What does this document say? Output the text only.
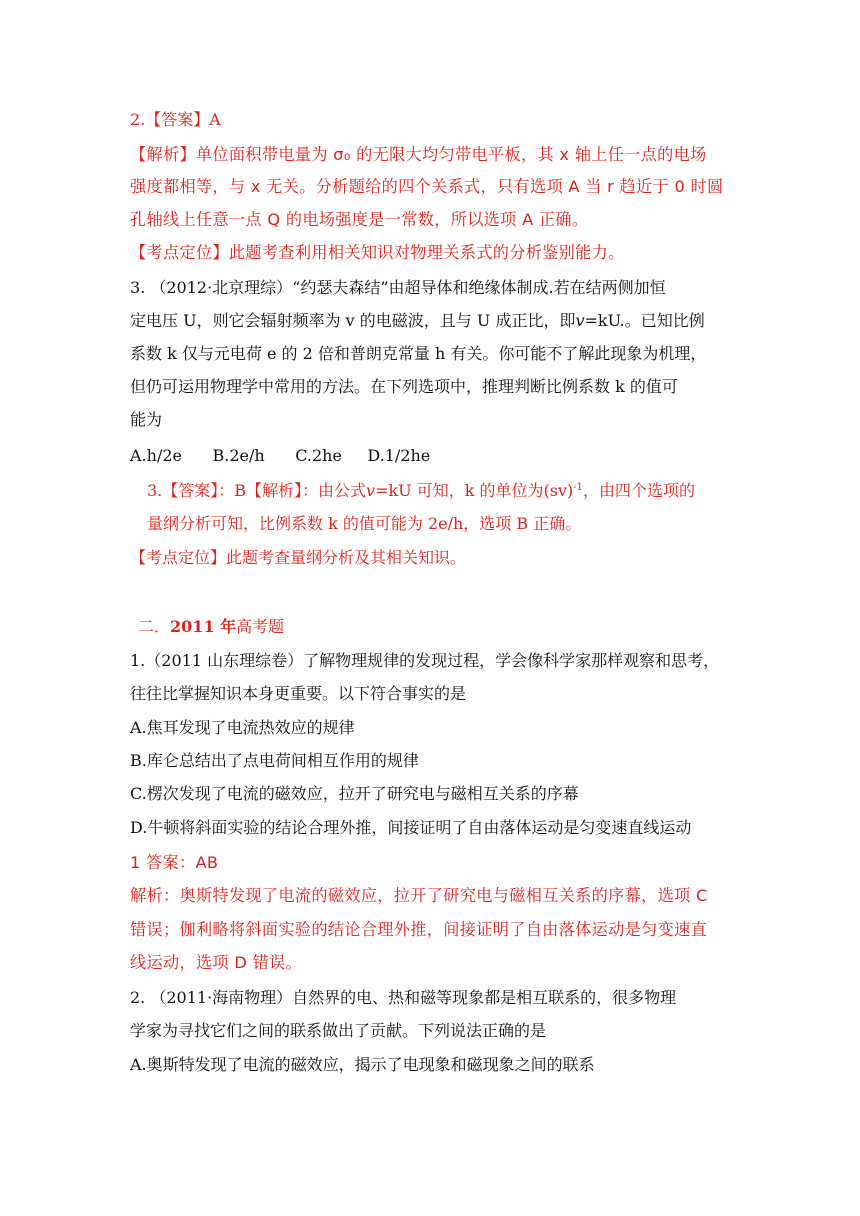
2.【答案】A
【解析】单位面积带电量为 σ₀ 的无限大均匀带电平板，其 x 轴上任一点的电场
强度都相等，与 x 无关。分析题给的四个关系式，只有选项 A 当 r 趋近于 0 时圆
孔轴线上任意一点 Q 的电场强度是一常数，所以选项 A 正确。
【考点定位】此题考查利用相关知识对物理关系式的分析鉴别能力。
3. （2012·北京理综）“约瑟夫森结”由超导体和绝缘体制成.若在结两侧加恒
定电压 U，则它会辐射频率为 v 的电磁波，且与 U 成正比，即v=kU.。已知比例
系数 k 仅与元电荷 e 的 2 倍和普朗克常量 h 有关。你可能不了解此现象为机理，
但仍可运用物理学中常用的方法。在下列选项中，推理判断比例系数 k 的值可
能为
A.h/2e      B.2e/h      C.2he     D.1/2he
3.【答案】：B【解析】：由公式v=kU 可知，k 的单位为(sv)$^{-1}$，由四个选项的
量纲分析可知，比例系数 k 的值可能为 2e/h，选项 B 正确。
【考点定位】此题考查量纲分析及其相关知识。
二．2011 年高考题
1.（2011 山东理综卷）了解物理规律的发现过程，学会像科学家那样观察和思考，
往往比掌握知识本身更重要。以下符合事实的是
A.焦耳发现了电流热效应的规律
B.库仑总结出了点电荷间相互作用的规律
C.楞次发现了电流的磁效应，拉开了研究电与磁相互关系的序幕
D.牛顿将斜面实验的结论合理外推，间接证明了自由落体运动是匀变速直线运动
1 答案：AB
解析：奥斯特发现了电流的磁效应，拉开了研究电与磁相互关系的序幕，选项 C
错误；伽利略将斜面实验的结论合理外推，间接证明了自由落体运动是匀变速直
线运动，选项 D 错误。
2. （2011·海南物理）自然界的电、热和磁等现象都是相互联系的，很多物理
学家为寻找它们之间的联系做出了贡献。下列说法正确的是
A.奥斯特发现了电流的磁效应，揭示了电现象和磁现象之间的联系
